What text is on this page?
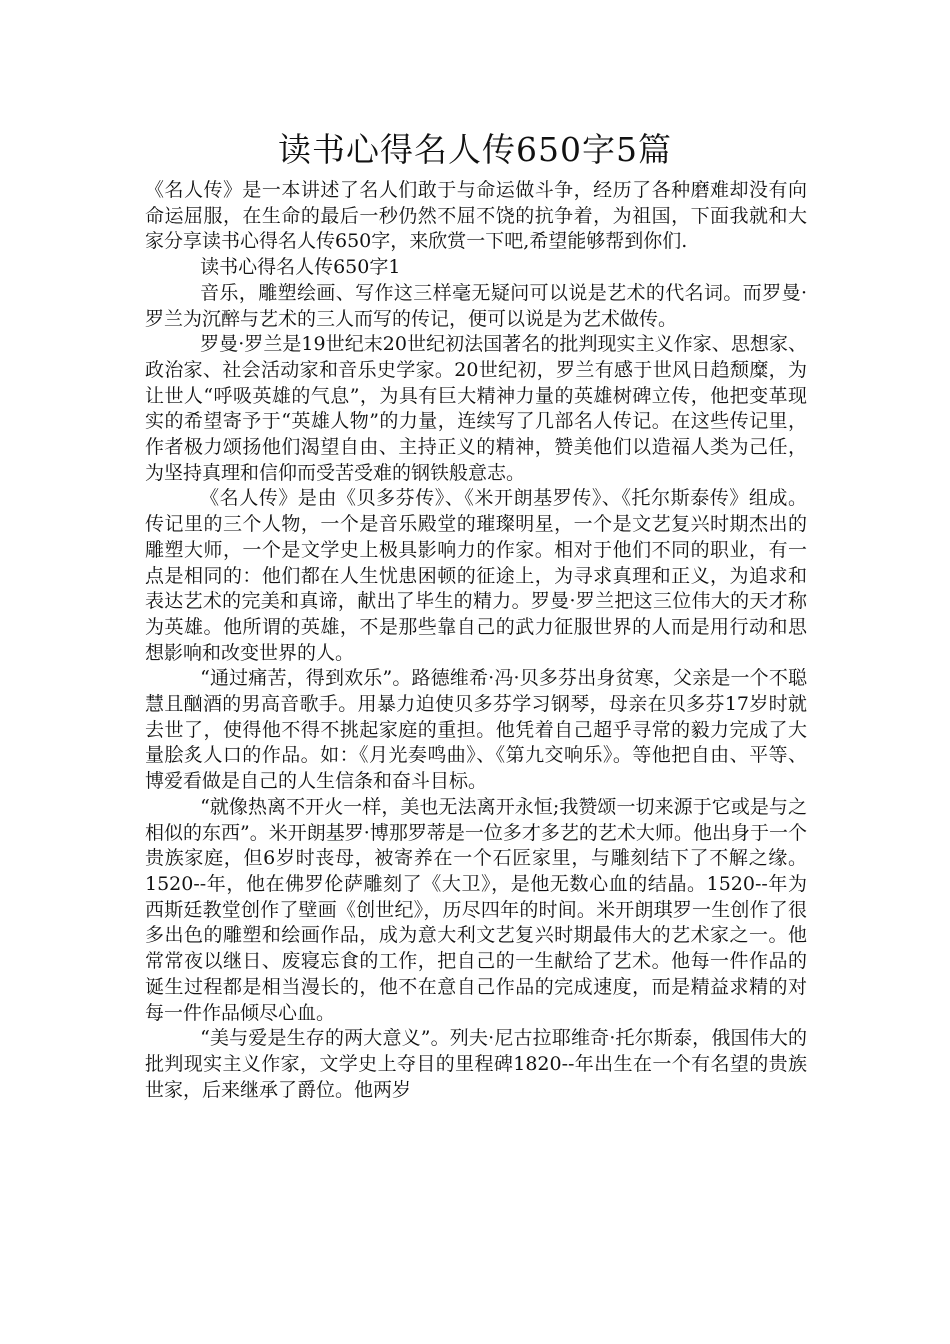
读书心得名人传650字5篇

《名人传》是一本讲述了名人们敢于与命运做斗争，经历了各种磨难却没有向命运屈服，在生命的最后一秒仍然不屈不饶的抗争着，为祖国，下面我就和大家分享读书心得名人传650字，来欣赏一下吧,希望能够帮到你们.

读书心得名人传650字1

音乐，雕塑绘画、写作这三样毫无疑问可以说是艺术的代名词。而罗曼·罗兰为沉醉与艺术的三人而写的传记，便可以说是为艺术做传。

罗曼·罗兰是19世纪末20世纪初法国著名的批判现实主义作家、思想家、政治家、社会活动家和音乐史学家。20世纪初，罗兰有感于世风日趋颓糜，为让世人“呼吸英雄的气息”，为具有巨大精神力量的英雄树碑立传，他把变革现实的希望寄予于“英雄人物”的力量，连续写了几部名人传记。在这些传记里，作者极力颂扬他们渴望自由、主持正义的精神，赞美他们以造福人类为己任，为坚持真理和信仰而受苦受难的钢铁般意志。

《名人传》是由《贝多芬传》、《米开朗基罗传》、《托尔斯泰传》组成。传记里的三个人物，一个是音乐殿堂的璀璨明星，一个是文艺复兴时期杰出的雕塑大师，一个是文学史上极具影响力的作家。相对于他们不同的职业，有一点是相同的：他们都在人生忧患困顿的征途上，为寻求真理和正义，为追求和表达艺术的完美和真谛，献出了毕生的精力。罗曼·罗兰把这三位伟大的天才称为英雄。他所谓的英雄，不是那些靠自己的武力征服世界的人而是用行动和思想影响和改变世界的人。

“通过痛苦，得到欢乐”。路德维希·冯·贝多芬出身贫寒，父亲是一个不聪慧且酗酒的男高音歌手。用暴力迫使贝多芬学习钢琴，母亲在贝多芬17岁时就去世了，使得他不得不挑起家庭的重担。他凭着自己超乎寻常的毅力完成了大量脍炙人口的作品。如：《月光奏鸣曲》、《第九交响乐》。等他把自由、平等、博爱看做是自己的人生信条和奋斗目标。

“就像热离不开火一样，美也无法离开永恒;我赞颂一切来源于它或是与之相似的东西”。米开朗基罗·博那罗蒂是一位多才多艺的艺术大师。他出身于一个贵族家庭，但6岁时丧母，被寄养在一个石匠家里，与雕刻结下了不解之缘。1520--年，他在佛罗伦萨雕刻了《大卫》，是他无数心血的结晶。1520--年为西斯廷教堂创作了壁画《创世纪》，历尽四年的时间。米开朗琪罗一生创作了很多出色的雕塑和绘画作品，成为意大利文艺复兴时期最伟大的艺术家之一。他常常夜以继日、废寝忘食的工作，把自己的一生献给了艺术。他每一件作品的诞生过程都是相当漫长的，他不在意自己作品的完成速度，而是精益求精的对每一件作品倾尽心血。

“美与爱是生存的两大意义”。列夫·尼古拉耶维奇·托尔斯泰，俄国伟大的批判现实主义作家，文学史上夺目的里程碑1820--年出生在一个有名望的贵族世家，后来继承了爵位。他两岁
